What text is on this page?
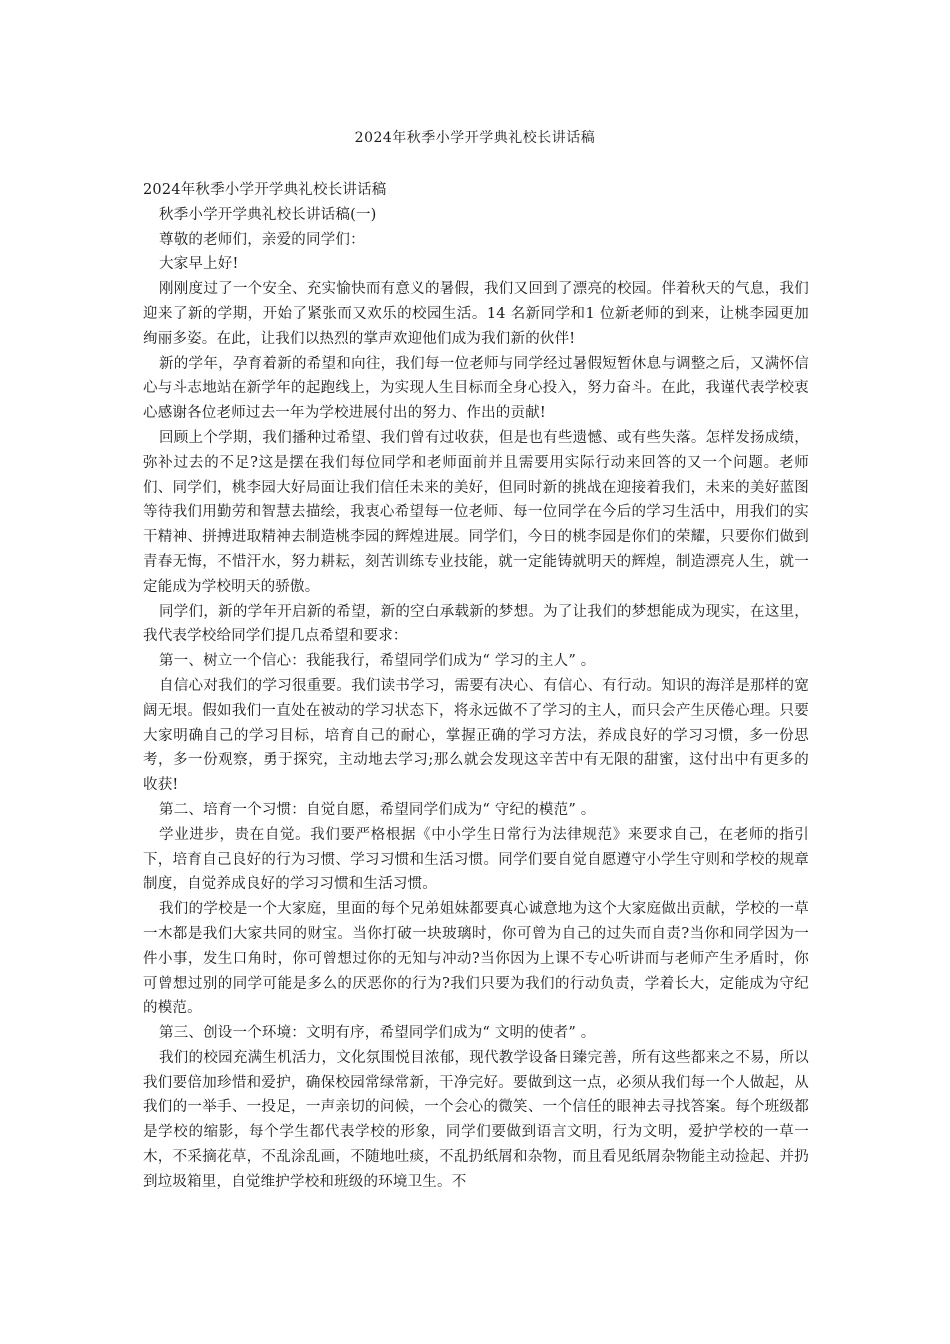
2024年秋季小学开学典礼校长讲话稿

2024年秋季小学开学典礼校长讲话稿

秋季小学开学典礼校长讲话稿(一)

尊敬的老师们，亲爱的同学们：

大家早上好!

刚刚度过了一个安全、充实愉快而有意义的暑假，我们又回到了漂亮的校园。伴着秋天的气息，我们迎来了新的学期，开始了紧张而又欢乐的校园生活。14 名新同学和1 位新老师的到来，让桃李园更加绚丽多姿。在此，让我们以热烈的掌声欢迎他们成为我们新的伙伴!

新的学年，孕育着新的希望和向往，我们每一位老师与同学经过暑假短暂休息与调整之后，又满怀信心与斗志地站在新学年的起跑线上，为实现人生目标而全身心投入，努力奋斗。在此，我谨代表学校衷心感谢各位老师过去一年为学校进展付出的努力、作出的贡献!

回顾上个学期，我们播种过希望、我们曾有过收获，但是也有些遗憾、或有些失落。怎样发扬成绩，弥补过去的不足?这是摆在我们每位同学和老师面前并且需要用实际行动来回答的又一个问题。老师们、同学们，桃李园大好局面让我们信任未来的美好，但同时新的挑战在迎接着我们，未来的美好蓝图等待我们用勤劳和智慧去描绘，我衷心希望每一位老师、每一位同学在今后的学习生活中，用我们的实干精神、拼搏进取精神去制造桃李园的辉煌进展。同学们，今日的桃李园是你们的荣耀，只要你们做到青春无悔，不惜汗水，努力耕耘，刻苦训练专业技能，就一定能铸就明天的辉煌，制造漂亮人生，就一定能成为学校明天的骄傲。

同学们，新的学年开启新的希望，新的空白承载新的梦想。为了让我们的梦想能成为现实，在这里，我代表学校给同学们提几点希望和要求：

第一、树立一个信心：我能我行，希望同学们成为“ 学习的主人” 。

自信心对我们的学习很重要。我们读书学习，需要有决心、有信心、有行动。知识的海洋是那样的宽阔无垠。假如我们一直处在被动的学习状态下，将永远做不了学习的主人，而只会产生厌倦心理。只要大家明确自己的学习目标，培育自己的耐心，掌握正确的学习方法，养成良好的学习习惯，多一份思考，多一份观察，勇于探究，主动地去学习;那么就会发现这辛苦中有无限的甜蜜，这付出中有更多的收获!

第二、培育一个习惯：自觉自愿，希望同学们成为“ 守纪的模范” 。

学业进步，贵在自觉。我们要严格根据《中小学生日常行为法律规范》来要求自己，在老师的指引下，培育自己良好的行为习惯、学习习惯和生活习惯。同学们要自觉自愿遵守小学生守则和学校的规章制度，自觉养成良好的学习习惯和生活习惯。

我们的学校是一个大家庭，里面的每个兄弟姐妹都要真心诚意地为这个大家庭做出贡献，学校的一草一木都是我们大家共同的财宝。当你打破一块玻璃时，你可曾为自己的过失而自责?当你和同学因为一件小事，发生口角时，你可曾想过你的无知与冲动?当你因为上课不专心听讲而与老师产生矛盾时，你可曾想过别的同学可能是多么的厌恶你的行为?我们只要为我们的行动负责，学着长大，定能成为守纪的模范。

第三、创设一个环境：文明有序，希望同学们成为“ 文明的使者” 。

我们的校园充满生机活力，文化氛围悦目浓郁，现代教学设备日臻完善，所有这些都来之不易，所以我们要倍加珍惜和爱护，确保校园常绿常新，干净完好。要做到这一点，必须从我们每一个人做起，从我们的一举手、一投足，一声亲切的问候，一个会心的微笑、一个信任的眼神去寻找答案。每个班级都是学校的缩影，每个学生都代表学校的形象，同学们要做到语言文明，行为文明，爱护学校的一草一木，不采摘花草，不乱涂乱画，不随地吐痰，不乱扔纸屑和杂物，而且看见纸屑杂物能主动捡起、并扔到垃圾箱里，自觉维护学校和班级的环境卫生。不
